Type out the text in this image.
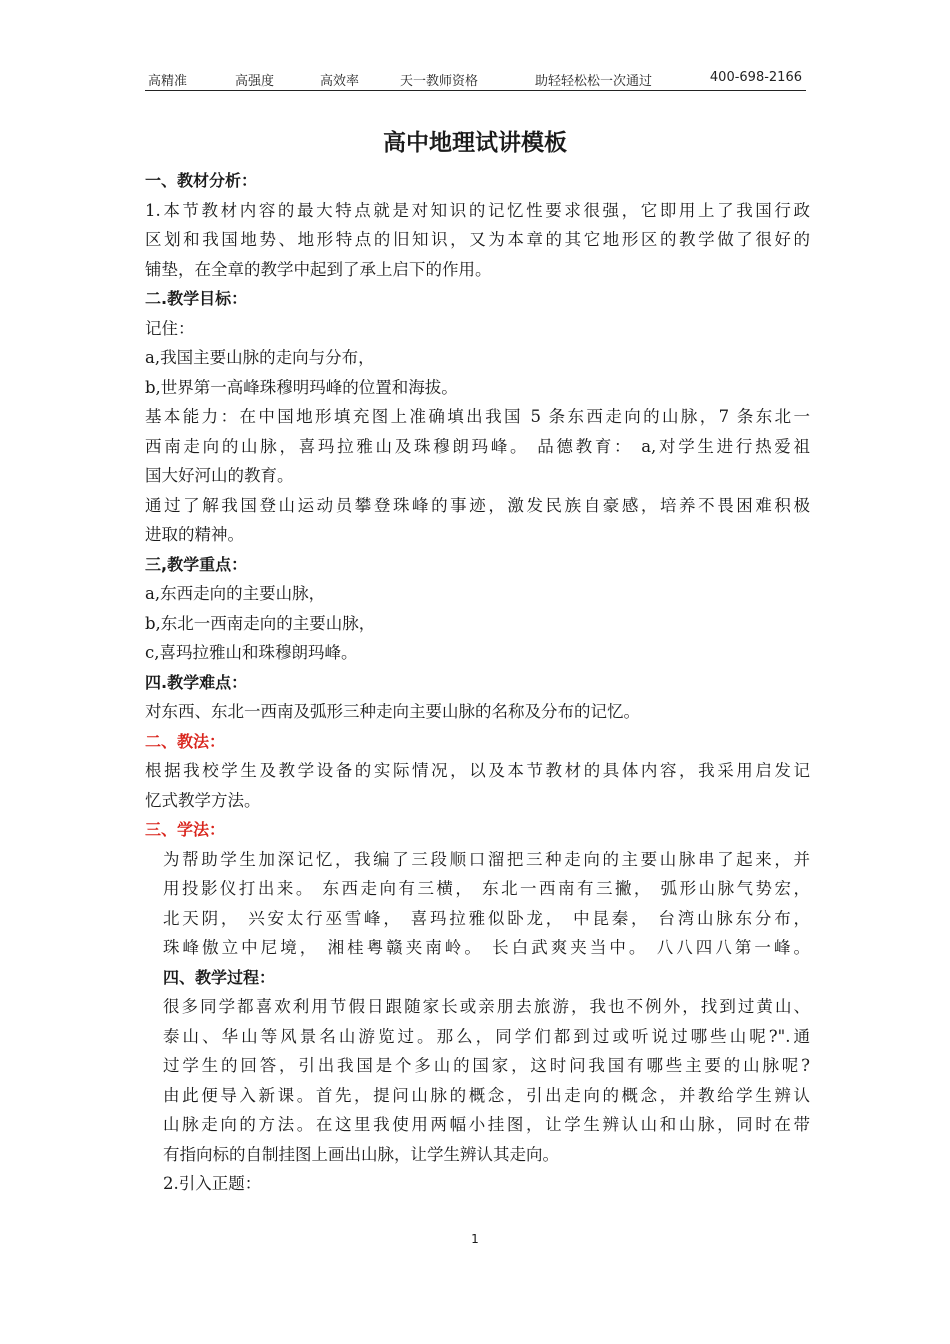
高精准	高强度	高效率	天一教师资格	助轻轻松松一次通过	400-698-2166
高中地理试讲模板
一、教材分析：
1.本节教材内容的最大特点就是对知识的记忆性要求很强，它即用上了我国行政
区划和我国地势、地形特点的旧知识，又为本章的其它地形区的教学做了很好的
铺垫，在全章的教学中起到了承上启下的作用。
二.教学目标：
记住：
a,我国主要山脉的走向与分布，
b,世界第一高峰珠穆明玛峰的位置和海拔。
基本能力：在中国地形填充图上准确填出我国 5 条东西走向的山脉，7 条东北一
西南走向的山脉，喜玛拉雅山及珠穆朗玛峰。 品德教育： a,对学生进行热爱祖
国大好河山的教育。
通过了解我国登山运动员攀登珠峰的事迹，激发民族自豪感，培养不畏困难积极
进取的精神。
三,教学重点：
a,东西走向的主要山脉，
b,东北一西南走向的主要山脉，
c,喜玛拉雅山和珠穆朗玛峰。
四.教学难点：
对东西、东北一西南及弧形三种走向主要山脉的名称及分布的记忆。
二、教法：
根据我校学生及教学设备的实际情况，以及本节教材的具体内容，我采用启发记
忆式教学方法。
三、学法：
为帮助学生加深记忆，我编了三段顺口溜把三种走向的主要山脉串了起来，并
用投影仪打出来。 东西走向有三横， 东北一西南有三撇， 弧形山脉气势宏，
北天阴， 兴安太行巫雪峰， 喜玛拉雅似卧龙， 中昆秦， 台湾山脉东分布，
珠峰傲立中尼境， 湘桂粤赣夹南岭。 长白武爽夹当中。 八八四八第一峰。
四、教学过程：
很多同学都喜欢利用节假日跟随家长或亲朋去旅游，我也不例外，找到过黄山、
泰山、华山等风景名山游览过。那么，同学们都到过或听说过哪些山呢?".通
过学生的回答，引出我国是个多山的国家，这时问我国有哪些主要的山脉呢?
由此便导入新课。首先，提问山脉的概念，引出走向的概念，并教给学生辨认
山脉走向的方法。在这里我使用两幅小挂图，让学生辨认山和山脉，同时在带
有指向标的自制挂图上画出山脉，让学生辨认其走向。
2.引入正题：
1
